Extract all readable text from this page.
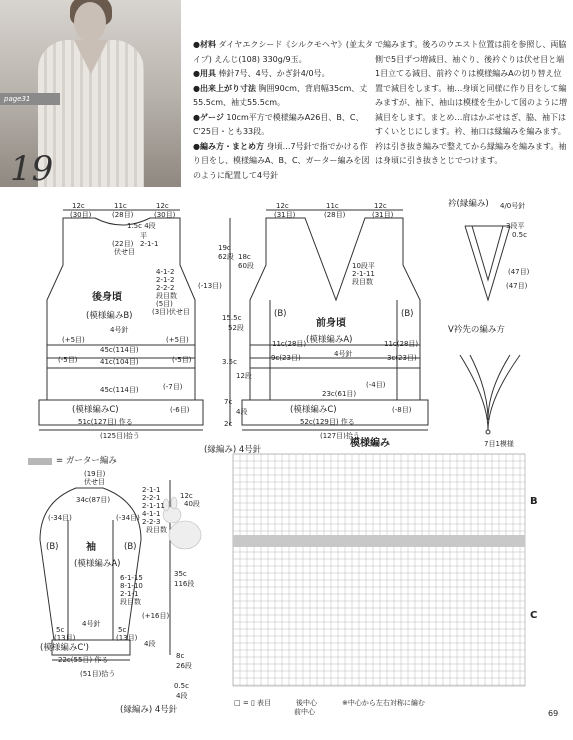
page31
19

●材料 ダイヤエクシード《シルクモヘヤ》(並太タイプ) えんじ(108) 330g/9玉。

●用具 棒針7号、4号、かぎ針4/0号。

●出来上がり寸法 胸囲90cm、背肩幅35cm、丈55.5cm、袖丈55.5cm。

●ゲージ 10cm平方で模様編みA26目、B、C、C'25目・とも33段。

●編み方・まとめ方 身頃…7号針で指でかける作り目をし、模様編みA、B、C、ガーター編みを図のように配置して4号針

で編みます。後ろのウエスト位置は前を参照し、両脇側で5目ずつ増減目、袖ぐり、後衿ぐりは伏せ目と端1目立てる減目、前衿ぐりは模様編みAの切り替え位置で減目をします。袖…身頃と同様に作り目をして編みますが、袖下、袖山は模様を生かして図のように増減目をします。まとめ…肩はかぶせはぎ、脇、袖下はすくいとじにします。衿、袖口は縁編みを編みます。衿は引き抜き編みで整えてから縁編みを編みます。袖は身頃に引き抜きとじでつけます。
後身頃
(模様編みB)
4号針
12c
(30目)
11c
(28目)
12c
(30目)
1.5c 4段
平
2-1-1
(22目)
伏せ目
4-1-2
2-1-2
2-2-2
段目数
(5目)
(3目)伏せ目
(-13目)
(+5目)	(+5目)
45c(114目)
(-5目)	(-5目)
41c(104目)
45c(114目)	(-7目)
(模様編みC)	(-6目)
51c(127目) 作る
(125目)拾う
前身頃
(模様編みA)
4号針
12c
(31目)
11c
(28目)
12c
(31目)
(B)	(B)
11c(28目)
9c(23目)	3c(23目)
11c(28目)
23c(61目)
(-4目)
10段平
2-1-11
段目数
(模様編みC)	(-8目)
52c(129目) 作る
(127目)拾う
19c
62段 18c
60段
15.5c
52段
3.5c
12段
7c
4段
2c
(縁編み) 4号針
衿(縁編み) 4/0号針
3段平
0.5c
(47目)
(47目)
V衿先の編み方
= ガーター編み
袖
(模様編みA)
4号針
(19目)
伏せ目
34c(87目)
(-34目)	(-34目)
2-1-1
2-2-1
2-1-11
4-1-1
2-2-3
段目数
6-1-15
8-1-10
2-1-1
段目数
(+16目)
(B)	(B)
5c
(13目)
5c
(13目)
12c
40段
35c
116段
(模様編みC')
22c(55目) 作る
(51目)拾う
4段
8c
26段
0.5c
4段
(縁編み) 4号針
模様編み	7目1模様
B
C
□ = ▯ 表目	後中心	※中心から左右対称に編む
前中心	69
